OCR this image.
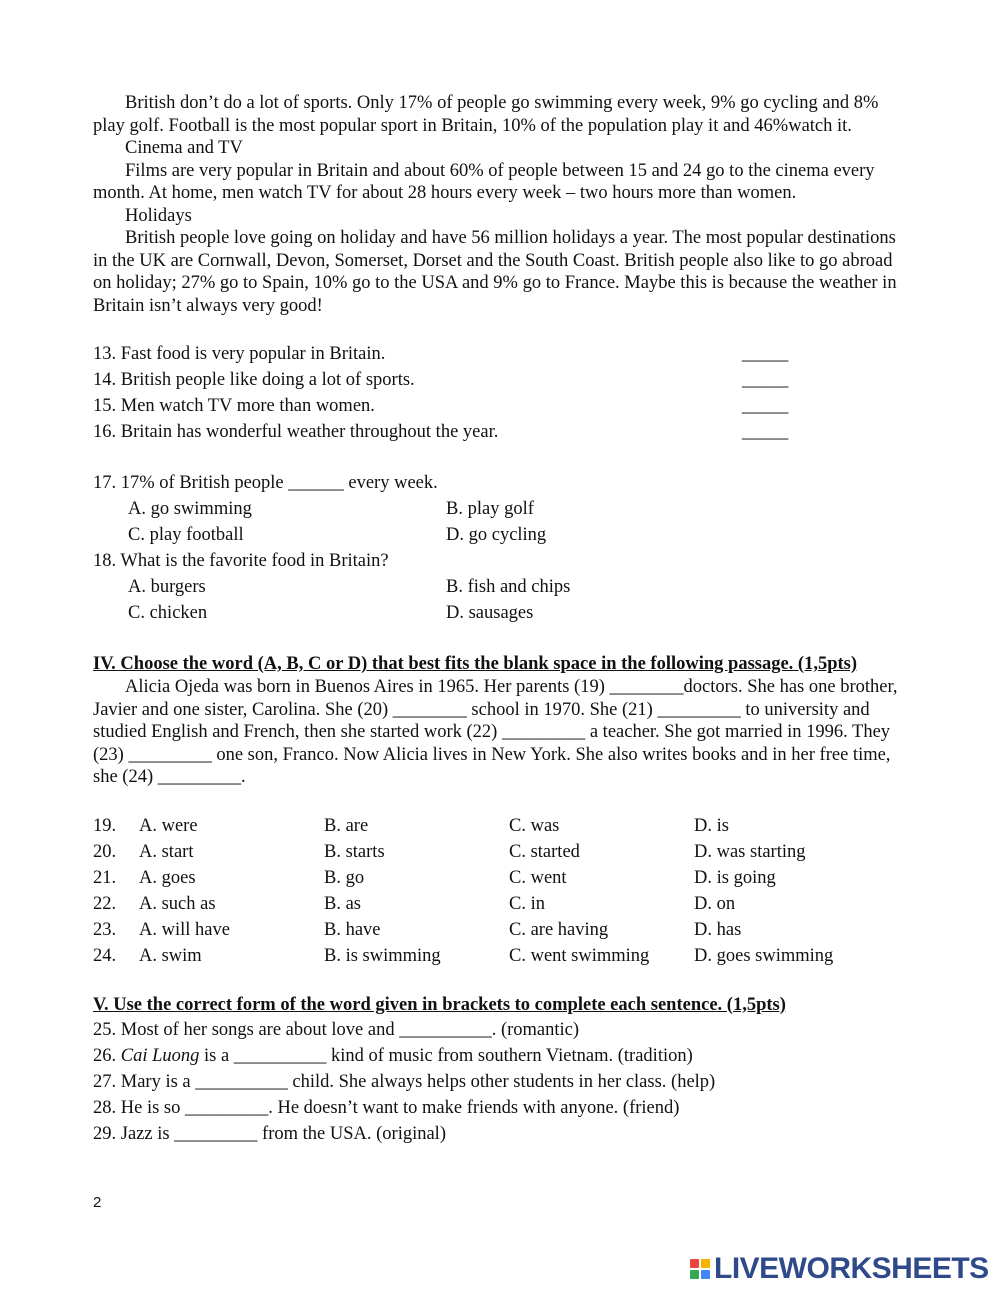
British don’t do a lot of sports. Only 17% of people go swimming every week, 9% go cycling and 8% play golf. Football is the most popular sport in Britain, 10% of the population play it and 46%watch it.

Cinema and TV

Films are very popular in Britain and about 60% of people between 15 and 24 go to the cinema every month. At home, men watch TV for about 28 hours every week – two hours more than women.

Holidays

British people love going on holiday and have 56 million holidays a year. The most popular destinations in the UK are Cornwall, Devon, Somerset, Dorset and the South Coast. British people also like to go abroad on holiday; 27% go to Spain, 10% go to the USA and 9% go to France. Maybe this is because the weather in Britain isn’t always very good!

13. Fast food is very popular in Britain.	_____
14. British people like doing a lot of sports.	_____
15. Men watch TV more than women.	_____
16. Britain has wonderful weather throughout the year.	_____
17. 17% of British people ______ every week.
A. go swimming	B. play golf
C. play football	D. go cycling
18. What is the favorite food in Britain?
A. burgers	B. fish and chips
C. chicken	D. sausages

IV. Choose the word (A, B, C or D) that best fits the blank space in the following passage. (1,5pts)

Alicia Ojeda was born in Buenos Aires in 1965. Her parents (19) ________doctors. She has one brother, Javier and one sister, Carolina. She (20) ________ school in 1970. She (21) _________ to university and studied English and French, then she started work (22) _________ a teacher. She got married in 1996. They (23) _________ one son, Franco. Now Alicia lives in New York. She also writes books and in her free time, she (24) _________.

19.	A. were	B. are	C. was	D. is
20.	A. start	B. starts	C. started	D. was starting
21.	A. goes	B. go	C. went	D. is going
22.	A. such as	B. as	C. in	D. on
23.	A. will have	B. have	C. are having	D. has
24.	A. swim	B. is swimming	C. went swimming	D. goes swimming

V. Use the correct form of the word given in brackets to complete each sentence. (1,5pts)

25. Most of her songs are about love and __________. (romantic)
26. Cai Luong is a __________ kind of music from southern Vietnam. (tradition)
27. Mary is a __________ child. She always helps other students in her class. (help)
28. He is so _________. He doesn’t want to make friends with anyone. (friend)
29. Jazz is _________ from the USA. (original)
2
LIVEWORKSHEETS
